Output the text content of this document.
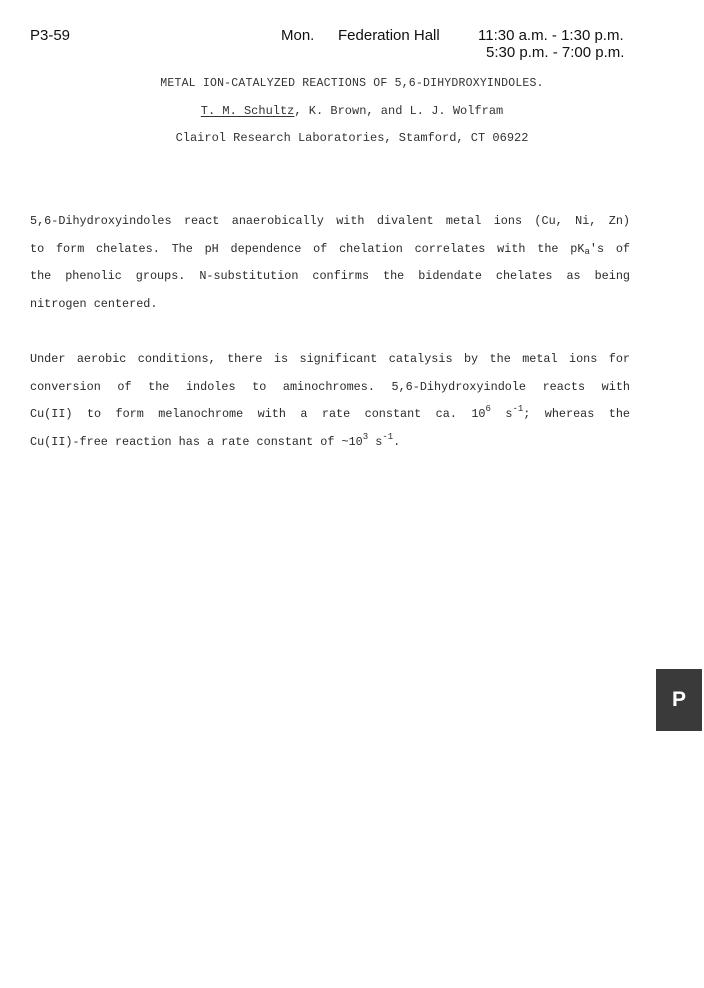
P3-59	Mon. Federation Hall	11:30 a.m. - 1:30 p.m.
5:30 p.m. - 7:00 p.m.
METAL ION-CATALYZED REACTIONS OF 5,6-DIHYDROXYINDOLES.
T. M. Schultz, K. Brown, and L. J. Wolfram
Clairol Research Laboratories, Stamford, CT 06922
5,6-Dihydroxyindoles react anaerobically with divalent metal ions (Cu, Ni, Zn)
to form chelates. The pH dependence of chelation correlates with the $pK_a's$ of
the phenolic groups. N-substitution confirms the bidendate chelates as being
nitrogen centered.
Under aerobic conditions, there is significant catalysis by the metal ions for
conversion of the indoles to aminochromes. 5,6-Dihydroxyindole reacts with
Cu(II) to form melanochrome with a rate constant ca. $10^6$ $s^{-1}$; whereas the
Cu(II)-free reaction has a rate constant of $\sim 10^3$ $s^{-1}$.
P
